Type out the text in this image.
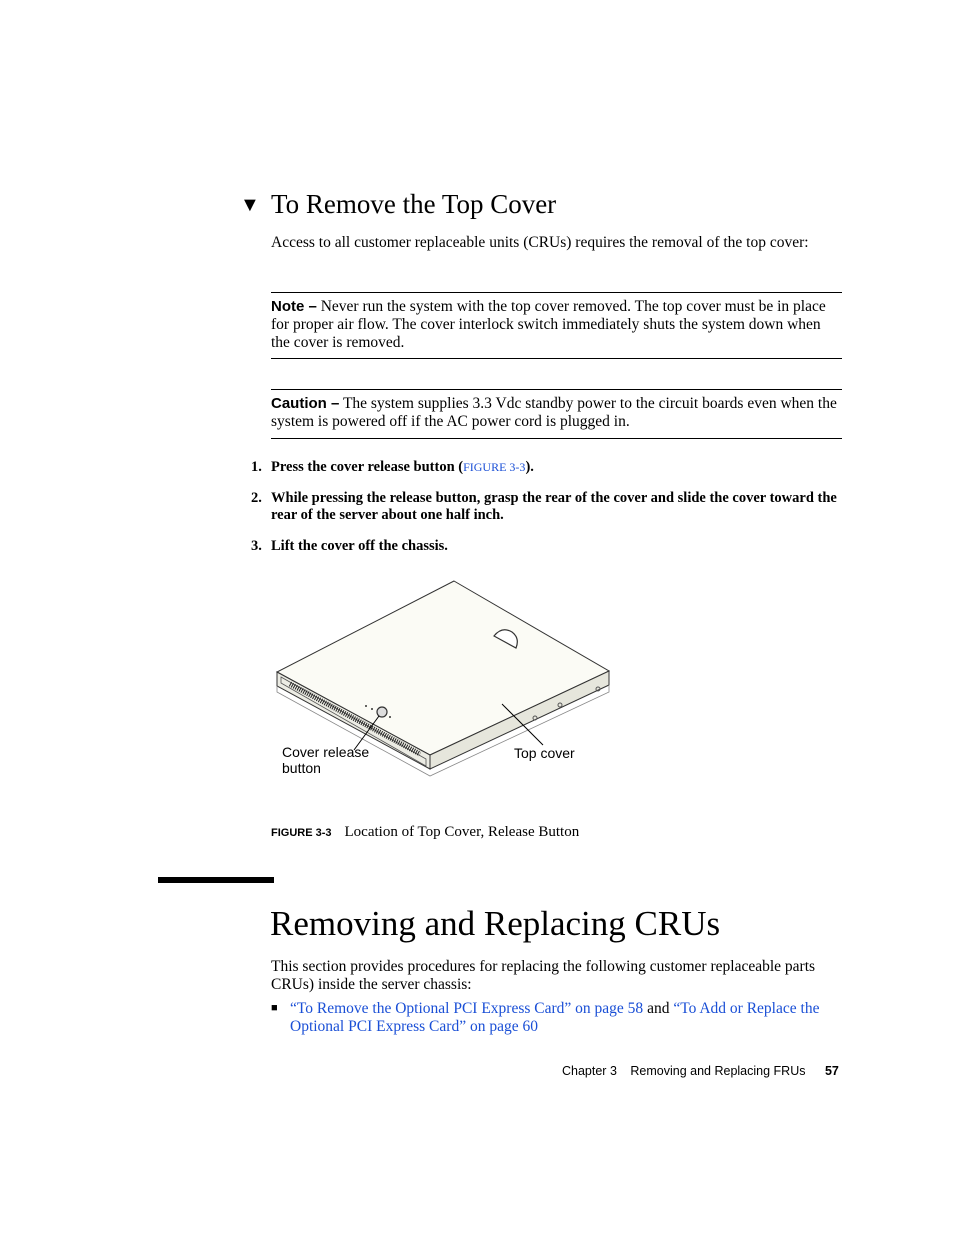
▼ To Remove the Top Cover
Access to all customer replaceable units (CRUs) requires the removal of the top cover:
Note – Never run the system with the top cover removed. The top cover must be in place for proper air flow. The cover interlock switch immediately shuts the system down when the cover is removed.
Caution – The system supplies 3.3 Vdc standby power to the circuit boards even when the system is powered off if the AC power cord is plugged in.
1. Press the cover release button (FIGURE 3-3).
2. While pressing the release button, grasp the rear of the cover and slide the cover toward the rear of the server about one half inch.
3. Lift the cover off the chassis.
Cover release button
Top cover
FIGURE 3-3 Location of Top Cover, Release Button
Removing and Replacing CRUs
This section provides procedures for replacing the following customer replaceable parts CRUs) inside the server chassis:
■ “To Remove the Optional PCI Express Card” on page 58 and “To Add or Replace the Optional PCI Express Card” on page 60
Chapter 3 Removing and Replacing FRUs 57
